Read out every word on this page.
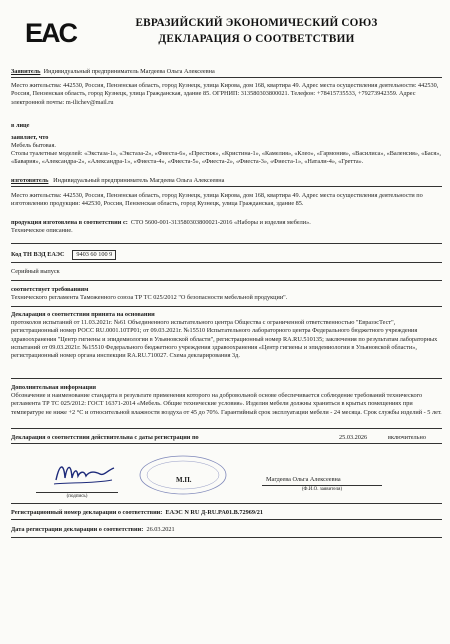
EAC	ЕВРАЗИЙСКИЙ ЭКОНОМИЧЕСКИЙ СОЮЗ
ДЕКЛАРАЦИЯ О СООТВЕТСТВИИ
Заявитель Индивидуальный предприниматель Магдеева Ольга Алексеевна
Место жительства: 442530, Россия, Пензенская область, город Кузнецк, улица Кирова, дом 168, квартира 49. Адрес места осуществления деятельности: 442530, Россия, Пензенская область, город Кузнецк, улица Гражданская, здание 85. ОГРНИП: 313580303800021. Телефон: +78415735533, +79273942359. Адрес электронной почты: m-ilichev@mail.ru
в лице
заявляет, что
Мебель бытовая.
Столы туалетные моделей: «Экстаза-1», «Экстаза-2», «Фиеста-6», «Престиж», «Кристина-1», «Камелия», «Клео», «Гармония», «Василиса», «Валенсия», «Бася», «Бавария», «Александра-2», «Александра-1», «Фиеста-4», «Фиеста-5», «Фиеста-2», «Фиеста-3», «Фиеста-1», «Натали-4», «Гретта».
изготовитель Индивидуальный предприниматель Магдеева Ольга Алексеевна
Место жительства: 442530, Россия, Пензенская область, город Кузнецк, улица Кирова, дом 168, квартира 49. Адрес места осуществления деятельности по изготовлению продукции: 442530, Россия, Пензенская область, город Кузнецк, улица Гражданская, здание 85.
продукция изготовлена в соответствии с: СТО 5600-001-313580303800021-2016 «Наборы и изделия мебели».
Техническое описание.
Код ТН ВЭД ЕАЭС 9403 60 100 9
Серийный выпуск
соответствует требованиям
Технического регламента Таможенного союза ТР ТС 025/2012 "О безопасности мебельной продукции".
Декларация о соответствии принята на основании
протоколов испытаний от 11.03.2021г. №61 Объединенного испытательного центра Общества с ограниченной ответственностью "ЕвразэсТест", регистрационный номер РОСС RU.0001.10ТР01; от 09.03.2021г. №15510 Испытательного лабораторного центра Федерального бюджетного учреждения здравоохранения "Центр гигиены и эпидемиологии в Ульяновской области", регистрационный номер RA.RU.510135; заключения по результатам лабораторных испытаний от 09.03.2021г. №15510 Федерального бюджетного учреждения здравоохранения «Центр гигиены и эпидемиологии в Ульяновской области», регистрационный номер органа инспекции RA.RU.710027. Схема декларирования 3д.
Дополнительная информация
Обозначение и наименование стандарта в результате применения которого на добровольной основе обеспечивается соблюдение требований технического регламента ТР ТС 025/2012: ГОСТ 16371-2014 «Мебель. Общие технические условия». Изделия мебели должны храниться в крытых помещениях при температуре не ниже +2 °С и относительной влажности воздуха от 45 до 70%. Гарантийный срок эксплуатации мебели - 24 месяца. Срок службы изделий - 5 лет.
Декларация о соответствии действительна с даты регистрации по	25.03.2026	включительно
(подпись)
М.П.	Магдеева Ольга Алексеевна
(Ф.И.О. заявителя)
Регистрационный номер декларации о соответствии: ЕАЭС N RU Д-RU.PA01.B.72969/21
Дата регистрации декларации о соответствии: 26.03.2021
